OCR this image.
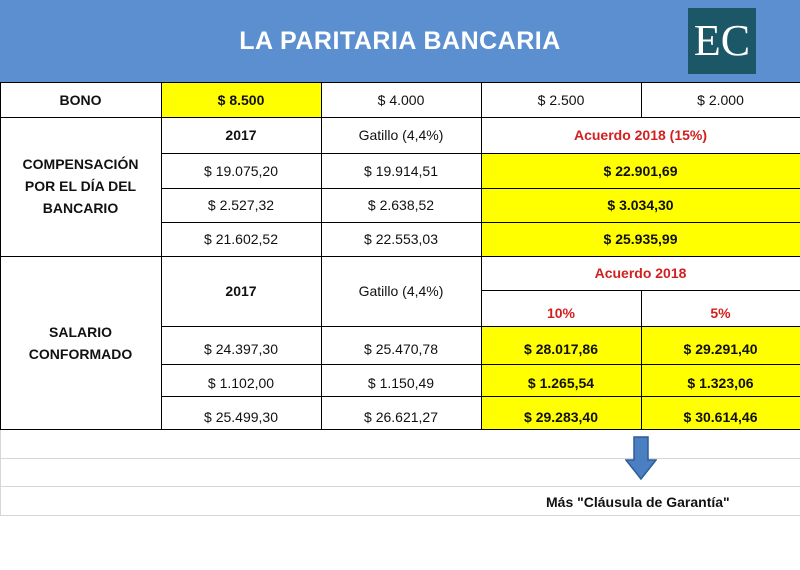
LA PARITARIA BANCARIA	EC
BONO	$ 8.500	$ 4.000	$ 2.500	$ 2.000
COMPENSACIÓN POR EL DÍA DEL BANCARIO
2017	Gatillo (4,4%)	Acuerdo 2018 (15%)
$ 19.075,20	$ 19.914,51	$ 22.901,69
$ 2.527,32	$ 2.638,52	$ 3.034,30
$ 21.602,52	$ 22.553,03	$ 25.935,99
SALARIO CONFORMADO
2017	Gatillo (4,4%)
Acuerdo 2018
10%	5%
$ 24.397,30	$ 25.470,78	$ 28.017,86	$ 29.291,40
$ 1.102,00	$ 1.150,49	$ 1.265,54	$ 1.323,06
$ 25.499,30	$ 26.621,27	$ 29.283,40	$ 30.614,46
Más "Cláusula de Garantía"
